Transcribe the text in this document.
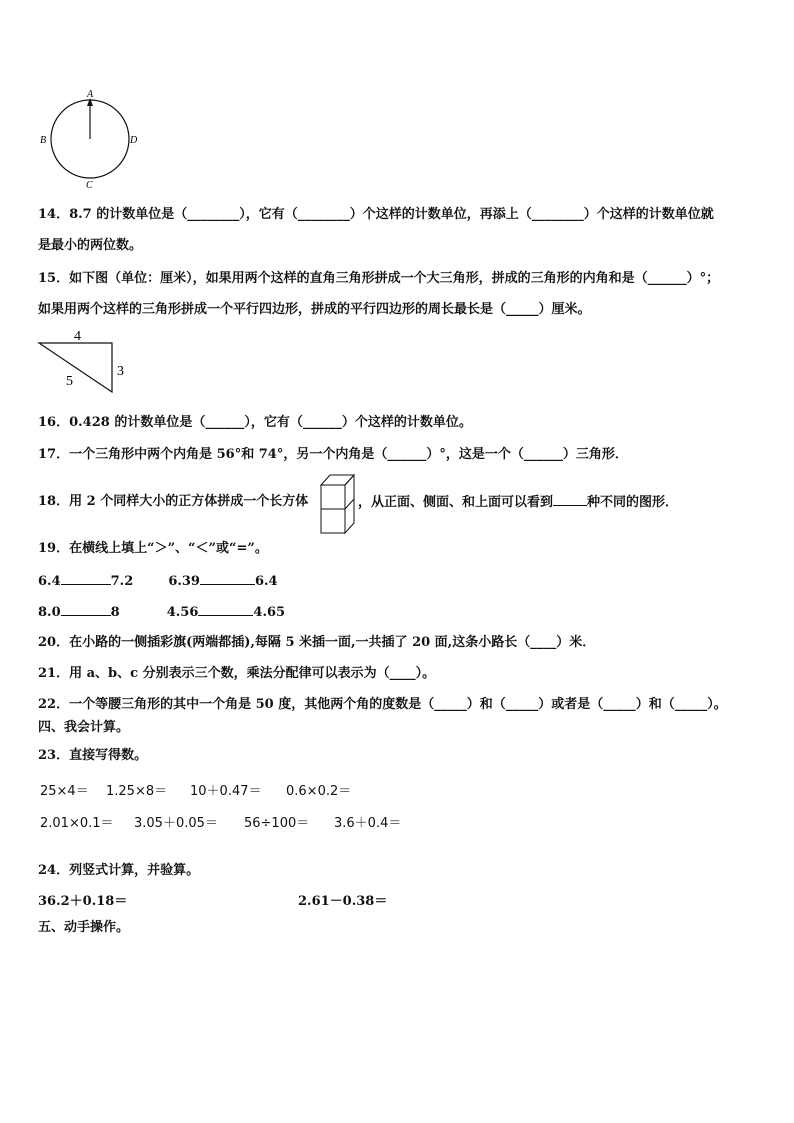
A
B	D
C
14．8.7 的计数单位是（________），它有（________）个这样的计数单位，再添上（________）个这样的计数单位就
是最小的两位数。
15．如下图（单位：厘米），如果用两个这样的直角三角形拼成一个大三角形，拼成的三角形的内角和是（______）°；
如果用两个这样的三角形拼成一个平行四边形，拼成的平行四边形的周长最长是（_____）厘米。
4
3
5
16．0.428 的计数单位是（______），它有（______）个这样的计数单位。
17．一个三角形中两个内角是 56°和 74°，另一个内角是（______）°，这是一个（______）三角形．
18．用 2 个同样大小的正方体拼成一个长方体	，从正面、侧面、和上面可以看到	种不同的图形．
19．在横线上填上“＞”、“＜”或“=”。
6.4	7.2	6.39	6.4
8.0	8	4.56	4.65
20．在小路的一侧插彩旗(两端都插),每隔 5 米插一面,一共插了 20 面,这条小路长（____）米．
21．用 a、b、c 分别表示三个数，乘法分配律可以表示为（____）。
22．一个等腰三角形的其中一个角是 50 度，其他两个角的度数是（_____）和（_____）或者是（_____）和（_____）。
四、我会计算。
23．直接写得数。
25×4＝ 1.25×8＝ 10＋0.47＝ 0.6×0.2＝
2.01×0.1＝ 3.05＋0.05＝ 56÷100＝ 3.6＋0.4＝
24．列竖式计算，并验算。
36.2＋0.18＝	2.61－0.38＝
五、动手操作。
